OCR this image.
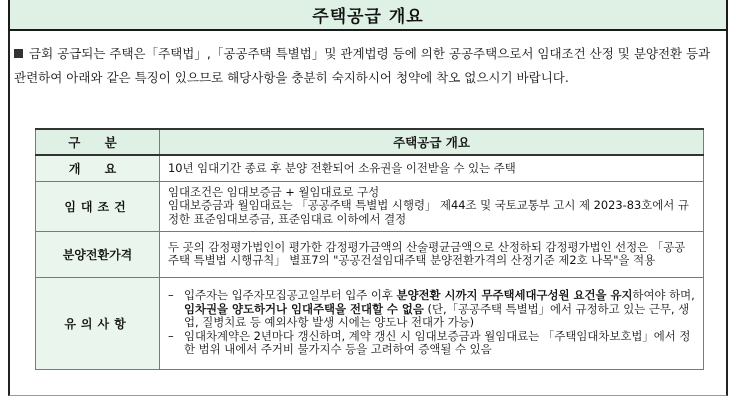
주택공급 개요
금회 공급되는 주택은「주택법」,「공공주택 특별법」및 관계법령 등에 의한 공공주택으로서 임대조건 산정 및 분양전환 등과 관련하여 아래와 같은 특징이 있으므로 해당사항을 충분히 숙지하시어 청약에 착오 없으시기 바랍니다.
구 분	주택공급 개요
개 요	10년 임대기간 종료 후 분양 전환되어 소유권을 이전받을 수 있는 주택

임대조건	임대조건은 임대보증금 + 월임대료로 구성
임대보증금과 월임대료는 「공공주택 특별법 시행령」 제44조 및 국토교통부 고시 제 2023-83호에서 규정한 표준임대보증금, 표준임대료 이하에서 결정

분양전환가격	두 곳의 감정평가법인이 평가한 감정평가금액의 산술평균금액으로 산정하되 감정평가법인 선정은 「공공주택 특별법 시행규칙」 별표7의 "공공건설임대주택 분양전환가격의 산정기준 제2호 나목"을 적용

유의사항	– 입주자는 입주자모집공고일부터 입주 이후 분양전환 시까지 무주택세대구성원 요건을 유지하여야 하며, 임차권을 양도하거나 임대주택을 전대할 수 없음 (단,「공공주택 특별법」에서 규정하고 있는 근무, 생업, 질병치료 등 예외사항 발생 시에는 양도나 전대가 가능)
– 임대차계약은 2년마다 갱신하며, 계약 갱신 시 임대보증금과 월임대료는 「주택임대차보호법」에서 정한 범위 내에서 주거비 물가지수 등을 고려하여 증액될 수 있음
